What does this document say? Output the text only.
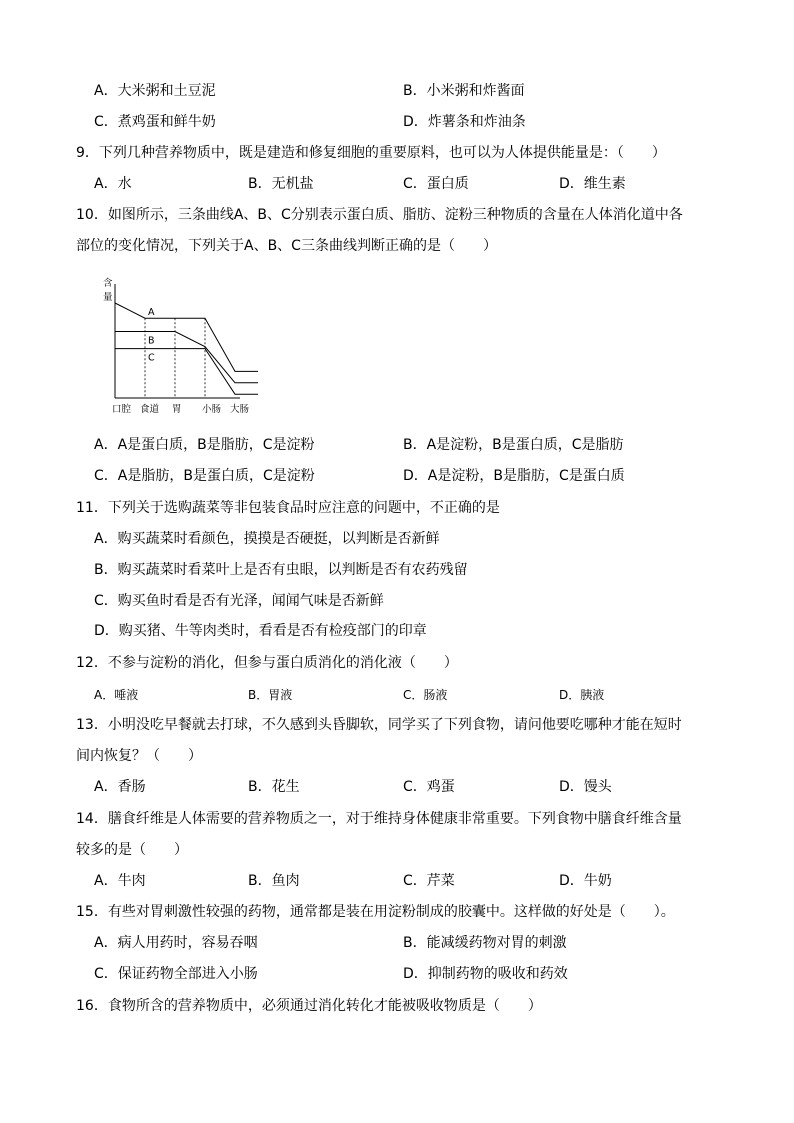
A．大米粥和土豆泥	B．小米粥和炸酱面
C．煮鸡蛋和鲜牛奶	D．炸薯条和炸油条
9．下列几种营养物质中，既是建造和修复细胞的重要原料，也可以为人体提供能量是：（　　）
A．水	B．无机盐	C．蛋白质	D．维生素
10．如图所示，三条曲线A、B、C分别表示蛋白质、脂肪、淀粉三种物质的含量在人体消化道中各
部位的变化情况，下列关于A、B、C三条曲线判断正确的是（　　）
含
量
A
B
C
口腔 食道 胃 小肠 大肠
A．A是蛋白质，B是脂肪，C是淀粉	B．A是淀粉，B是蛋白质，C是脂肪
C．A是脂肪，B是蛋白质，C是淀粉	D．A是淀粉，B是脂肪，C是蛋白质
11．下列关于选购蔬菜等非包装食品时应注意的问题中，不正确的是
A．购买蔬菜时看颜色，摸摸是否硬挺，以判断是否新鲜
B．购买蔬菜时看菜叶上是否有虫眼，以判断是否有农药残留
C．购买鱼时看是否有光泽，闻闻气味是否新鲜
D．购买猪、牛等肉类时，看看是否有检疫部门的印章
12．不参与淀粉的消化，但参与蛋白质消化的消化液（　　）
A．唾液	B．胃液	C．肠液	D．胰液
13．小明没吃早餐就去打球，不久感到头昏脚软，同学买了下列食物，请问他要吃哪种才能在短时
间内恢复？（　　）
A．香肠	B．花生	C．鸡蛋	D．馒头
14．膳食纤维是人体需要的营养物质之一，对于维持身体健康非常重要。下列食物中膳食纤维含量
较多的是（　　）
A．牛肉	B．鱼肉	C．芹菜	D．牛奶
15．有些对胃刺激性较强的药物，通常都是装在用淀粉制成的胶囊中。这样做的好处是（　　）。
A．病人用药时，容易吞咽	B．能减缓药物对胃的刺激
C．保证药物全部进入小肠	D．抑制药物的吸收和药效
16．食物所含的营养物质中，必须通过消化转化才能被吸收物质是（　　）
